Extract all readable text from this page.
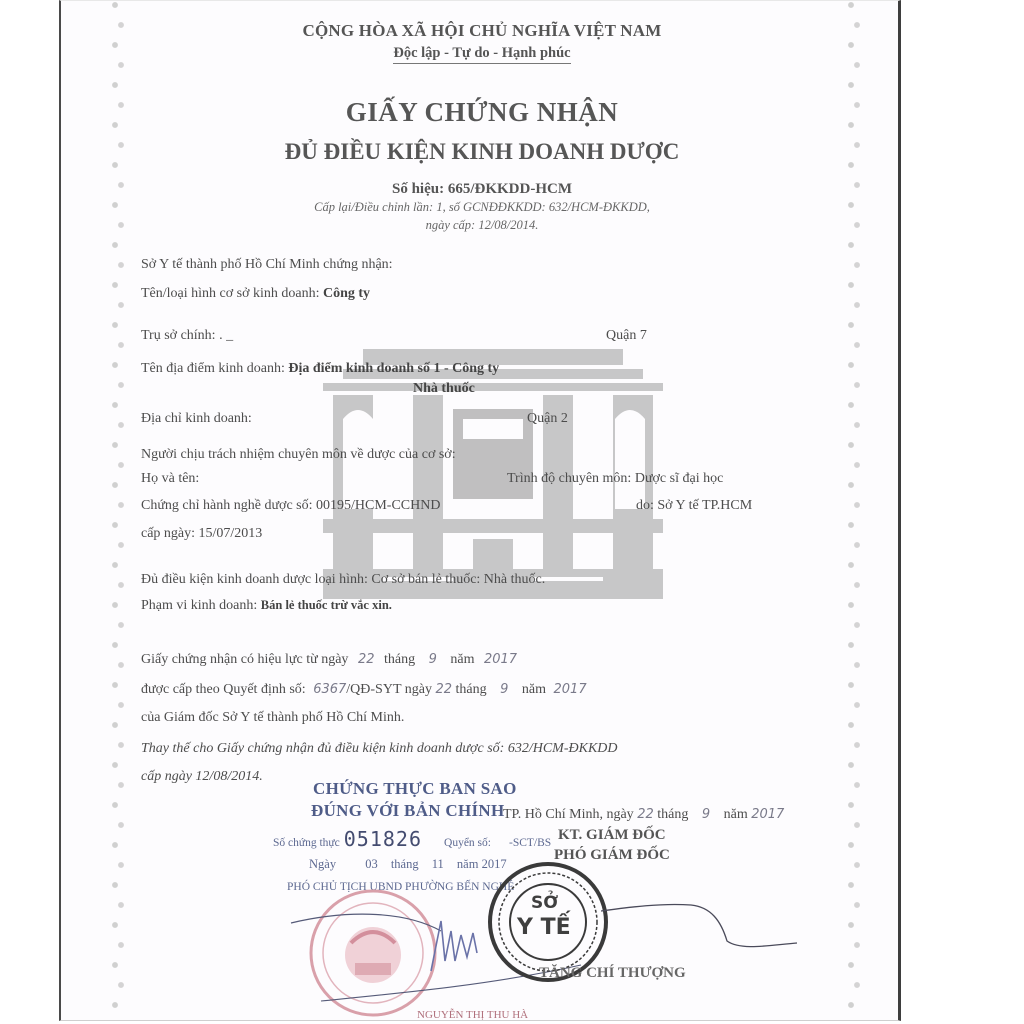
CỘNG HÒA XÃ HỘI CHỦ NGHĨA VIỆT NAM
Độc lập - Tự do - Hạnh phúc
GIẤY CHỨNG NHẬN
ĐỦ ĐIỀU KIỆN KINH DOANH DƯỢC
Số hiệu: 665/ĐKKDD-HCM
Cấp lại/Điều chỉnh lần: 1, số GCNĐĐKKDD: 632/HCM-ĐKKDD,
ngày cấp: 12/08/2014.
Sở Y tế thành phố Hồ Chí Minh chứng nhận:
Tên/loại hình cơ sở kinh doanh: Công ty
Trụ sở chính: . _	Quận 7
Tên địa điểm kinh doanh: Địa điểm kinh doanh số 1 - Công ty
Nhà thuốc
Địa chỉ kinh doanh:	Quận 2
Người chịu trách nhiệm chuyên môn về dược của cơ sở:
Họ và tên:	Trình độ chuyên môn: Dược sĩ đại học
Chứng chỉ hành nghề dược số: 00195/HCM-CCHND	do: Sở Y tế TP.HCM
cấp ngày: 15/07/2013
Đủ điều kiện kinh doanh dược loại hình: Cơ sở bán lẻ thuốc: Nhà thuốc.
Phạm vi kinh doanh: Bán lẻ thuốc trừ vắc xin.
Giấy chứng nhận có hiệu lực từ ngày 22 tháng 9 năm 2017
được cấp theo Quyết định số: 6367/QĐ-SYT ngày 22 tháng 9 năm 2017
của Giám đốc Sở Y tế thành phố Hồ Chí Minh.
Thay thế cho Giấy chứng nhận đủ điều kiện kinh doanh dược số: 632/HCM-ĐKKDD
cấp ngày 12/08/2014.
CHỨNG THỰC BAN SAO
ĐÚNG VỚI BẢN CHÍNH
Số chứng thực 051826 Quyển số: -SCT/BS
Ngày 03 tháng 11 năm 2017
PHÓ CHỦ TỊCH UBND PHƯỜNG BẾN NGHÉ
NGUYỄN THỊ THU HÀ
TP. Hồ Chí Minh, ngày 22 tháng 9 năm 2017
KT. GIÁM ĐỐC
PHÓ GIÁM ĐỐC
SỞ
Y TẾ
TĂNG CHÍ THƯỢNG
